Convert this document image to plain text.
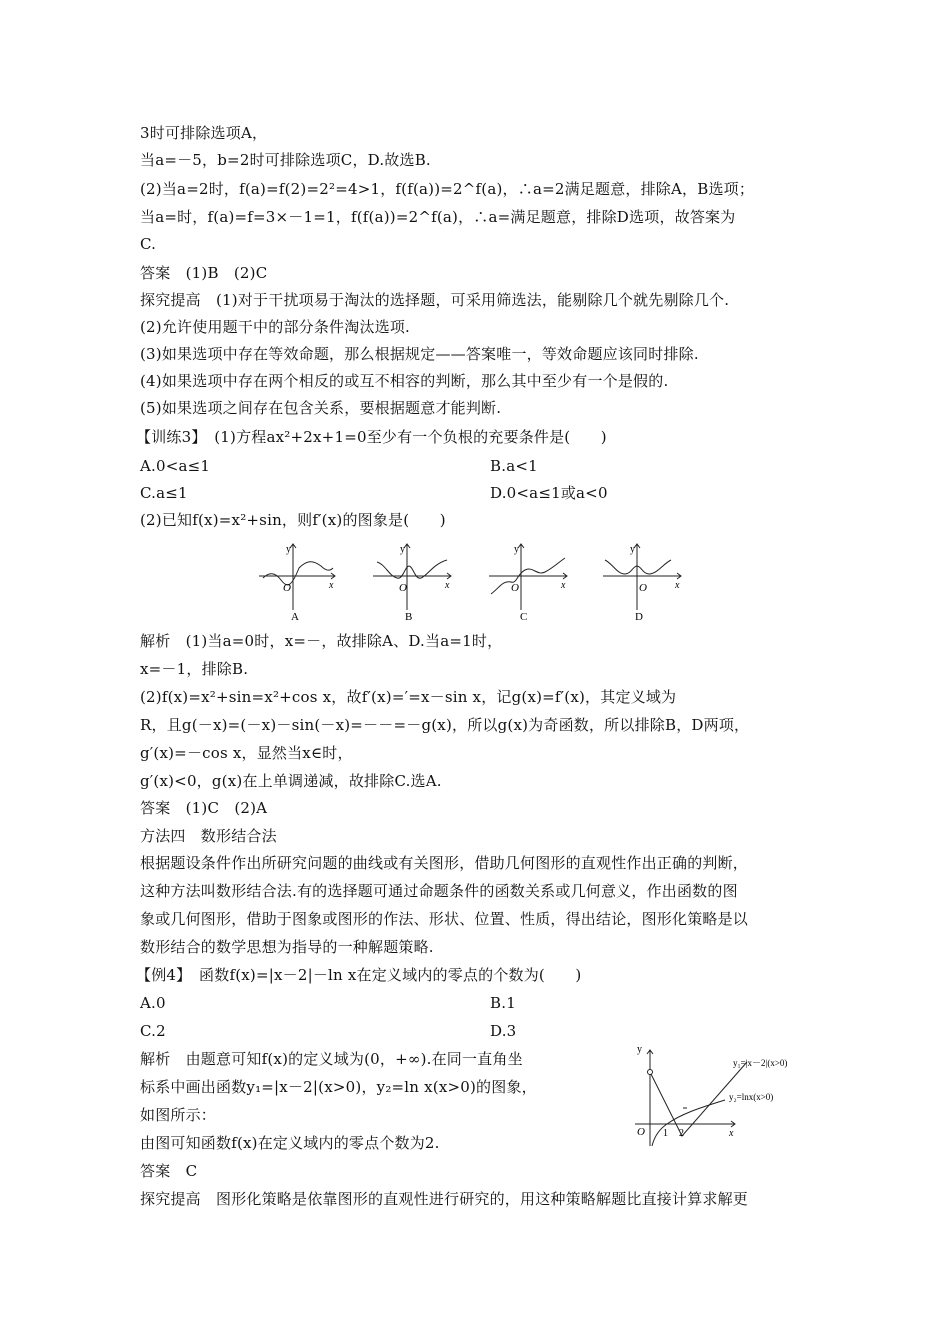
3时可排除选项A，
当a=－5，b=2时可排除选项C，D.故选B.
(2)当a=2时，f(a)=f(2)=2²=4>1，f(f(a))=2^f(a)，∴a=2满足题意，排除A，B选项；
当a=时，f(a)=f=3×－1=1，f(f(a))=2^f(a)，∴a=满足题意，排除D选项，故答案为
C.
答案　(1)B　(2)C
探究提高　(1)对于干扰项易于淘汰的选择题，可采用筛选法，能剔除几个就先剔除几个.
(2)允许使用题干中的部分条件淘汰选项.
(3)如果选项中存在等效命题，那么根据规定——答案唯一，等效命题应该同时排除.
(4)如果选项中存在两个相反的或互不相容的判断，那么其中至少有一个是假的.
(5)如果选项之间存在包含关系，要根据题意才能判断.
【训练3】　(1)方程ax²+2x+1=0至少有一个负根的充要条件是(　　)
A.0<a≤1	B.a<1
C.a≤1	D.0<a≤1或a<0
(2)已知f(x)=x²+sin，则f′(x)的图象是(　　)
y
x
O
A
y
x
O
B
y
x
O
C
y
x
O
D
解析　(1)当a=0时，x=－，故排除A、D.当a=1时，
x=－1，排除B.
(2)f(x)=x²+sin=x²+cos x，故f′(x)=′=x－sin x，记g(x)=f′(x)，其定义域为
R，且g(－x)=(－x)－sin(－x)=－－=－g(x)，所以g(x)为奇函数，所以排除B，D两项，
g′(x)=－cos x，显然当x∈时，
g′(x)<0，g(x)在上单调递减，故排除C.选A.
答案　(1)C　(2)A
方法四　数形结合法
根据题设条件作出所研究问题的曲线或有关图形，借助几何图形的直观性作出正确的判断，
这种方法叫数形结合法.有的选择题可通过命题条件的函数关系或几何意义，作出函数的图
象或几何图形，借助于图象或图形的作法、形状、位置、性质，得出结论，图形化策略是以
数形结合的数学思想为指导的一种解题策略.
【例4】　函数f(x)=|x－2|－ln x在定义域内的零点的个数为(　　)
A.0	B.1
C.2	D.3
解析　由题意可知f(x)的定义域为(0，+∞).在同一直角坐
标系中画出函数y₁=|x－2|(x>0)，y₂=ln x(x>0)的图象，
如图所示：
由图可知函数f(x)在定义域内的零点个数为2.
答案　C
探究提高　图形化策略是依靠图形的直观性进行研究的，用这种策略解题比直接计算求解更
y
x
O 1 2
y₁=|x－2|(x>0)
y₂=lnx(x>0)
